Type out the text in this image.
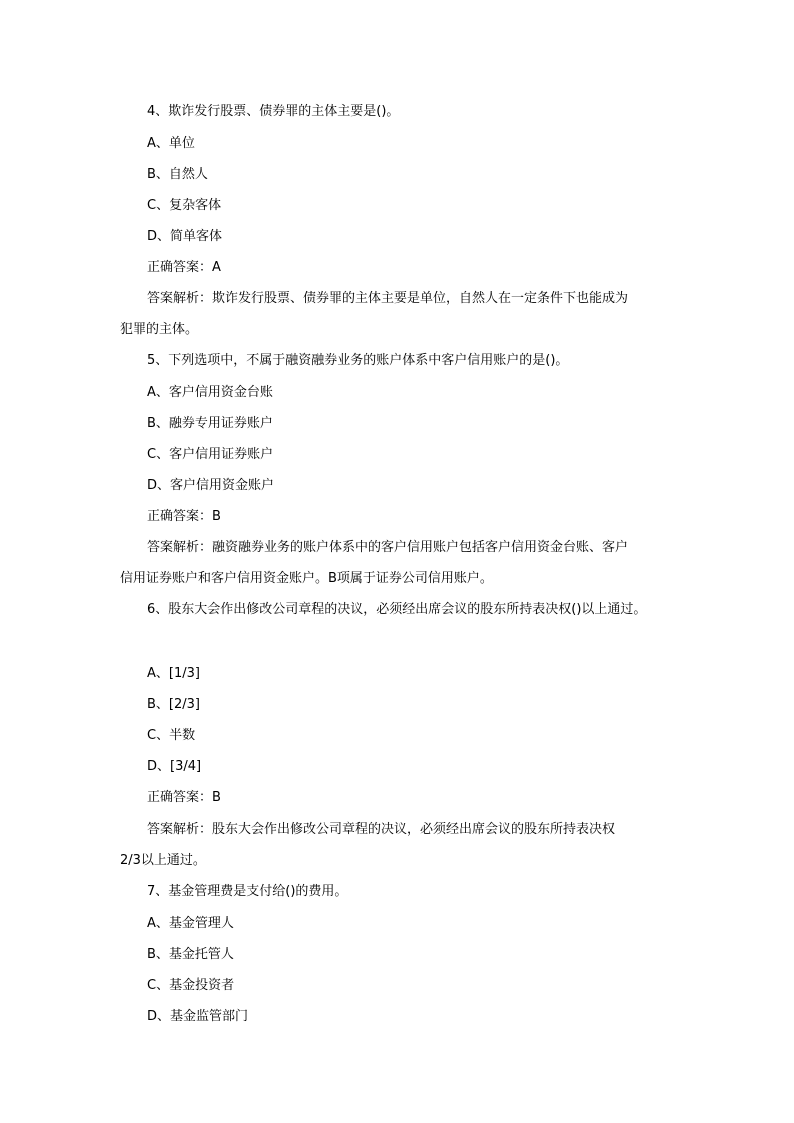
4、欺诈发行股票、债券罪的主体主要是()。
A、单位
B、自然人
C、复杂客体
D、简单客体
正确答案：A
答案解析：欺诈发行股票、债券罪的主体主要是单位，自然人在一定条件下也能成为
犯罪的主体。
5、下列选项中，不属于融资融券业务的账户体系中客户信用账户的是()。
A、客户信用资金台账
B、融券专用证券账户
C、客户信用证券账户
D、客户信用资金账户
正确答案：B
答案解析：融资融券业务的账户体系中的客户信用账户包括客户信用资金台账、客户
信用证券账户和客户信用资金账户。B项属于证券公司信用账户。
6、股东大会作出修改公司章程的决议，必须经出席会议的股东所持表决权()以上通过。
A、[1/3]
B、[2/3]
C、半数
D、[3/4]
正确答案：B
答案解析：股东大会作出修改公司章程的决议，必须经出席会议的股东所持表决权
2/3以上通过。
7、基金管理费是支付给()的费用。
A、基金管理人
B、基金托管人
C、基金投资者
D、基金监管部门
